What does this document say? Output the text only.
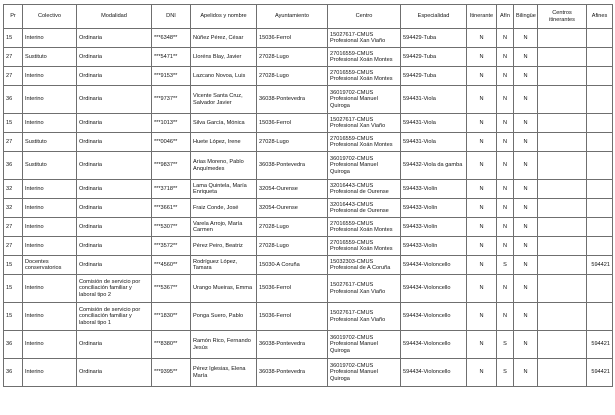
Pr	Colectivo	Modalidad	DNI	Apelidos y nombre	Ayuntamiento	Centro	Especialidad	Itinerante	Afín	Bilingüe	Centros itinerantes	Afines
15	Interino	Ordinaria	***6348**	Núñez Pérez, César	15036-Ferrol	15027617-CMUS Profesional Xan Viaño	594429-Tuba	N	N	N		
27	Sustituto	Ordinaria	***5471**	Lloréns Blay, Javier	27028-Lugo	27016559-CMUS Profesional Xoán Montes	594429-Tuba	N	N	N		
27	Interino	Ordinaria	***9153**	Lazcano Novoa, Luis	27028-Lugo	27016559-CMUS Profesional Xoán Montes	594429-Tuba	N	N	N		
36	Interino	Ordinaria	***9737**	Vicente Santa Cruz, Salvador Javier	36038-Pontevedra	36019702-CMUS Profesional Manuel Quiroga	594431-Viola	N	N	N		
15	Interino	Ordinaria	***1013**	Silva García, Mónica	15036-Ferrol	15027617-CMUS Profesional Xan Viaño	594431-Viola	N	N	N		
27	Sustituto	Ordinaria	***0046**	Huete López, Irene	27028-Lugo	27016559-CMUS Profesional Xoán Montes	594431-Viola	N	N	N		
36	Sustituto	Ordinaria	***9837**	Arias Moreno, Pablo Anquímedes	36038-Pontevedra	36019702-CMUS Profesional Manuel Quiroga	594432-Viola da gamba	N	N	N		
32	Interino	Ordinaria	***3718**	Lama Quintela, María Enriqueta	32054-Ourense	32016443-CMUS Profesional de Ourense	594433-Violín	N	N	N		
32	Interino	Ordinaria	***3661**	Fraiz Conde, José	32054-Ourense	32016443-CMUS Profesional de Ourense	594433-Violín	N	N	N		
27	Interino	Ordinaria	***5307**	Varela Arrojo, María Carmen	27028-Lugo	27016559-CMUS Profesional Xoán Montes	594433-Violín	N	N	N		
27	Interino	Ordinaria	***3572**	Pérez Peiro, Beatriz	27028-Lugo	27016559-CMUS Profesional Xoán Montes	594433-Violín	N	N	N		
15	Docentes conservatorios	Ordinaria	***4560**	Rodríguez López, Tamara	15030-A Coruña	15032303-CMUS Profesional de A Coruña	594434-Violoncello	N	S	N		594421
15	Interino	Comisión de servicio por conciliación familiar y laboral tipo 2	***5367**	Urango Mueiras, Emma	15036-Ferrol	15027617-CMUS Profesional Xan Viaño	594434-Violoncello	N	N	N		
15	Interino	Comisión de servicio por conciliación familiar y laboral tipo 1	***1830**	Ponga Suero, Pablo	15036-Ferrol	15027617-CMUS Profesional Xan Viaño	594434-Violoncello	N	N	N		
36	Interino	Ordinaria	***8380**	Ramón Rico, Fernando Jesús	36038-Pontevedra	36019702-CMUS Profesional Manuel Quiroga	594434-Violoncello	N	S	N		594421
36	Interino	Ordinaria	***9395**	Pérez Iglesias, Elena María	36038-Pontevedra	36019702-CMUS Profesional Manuel Quiroga	594434-Violoncello	N	S	N		594421
